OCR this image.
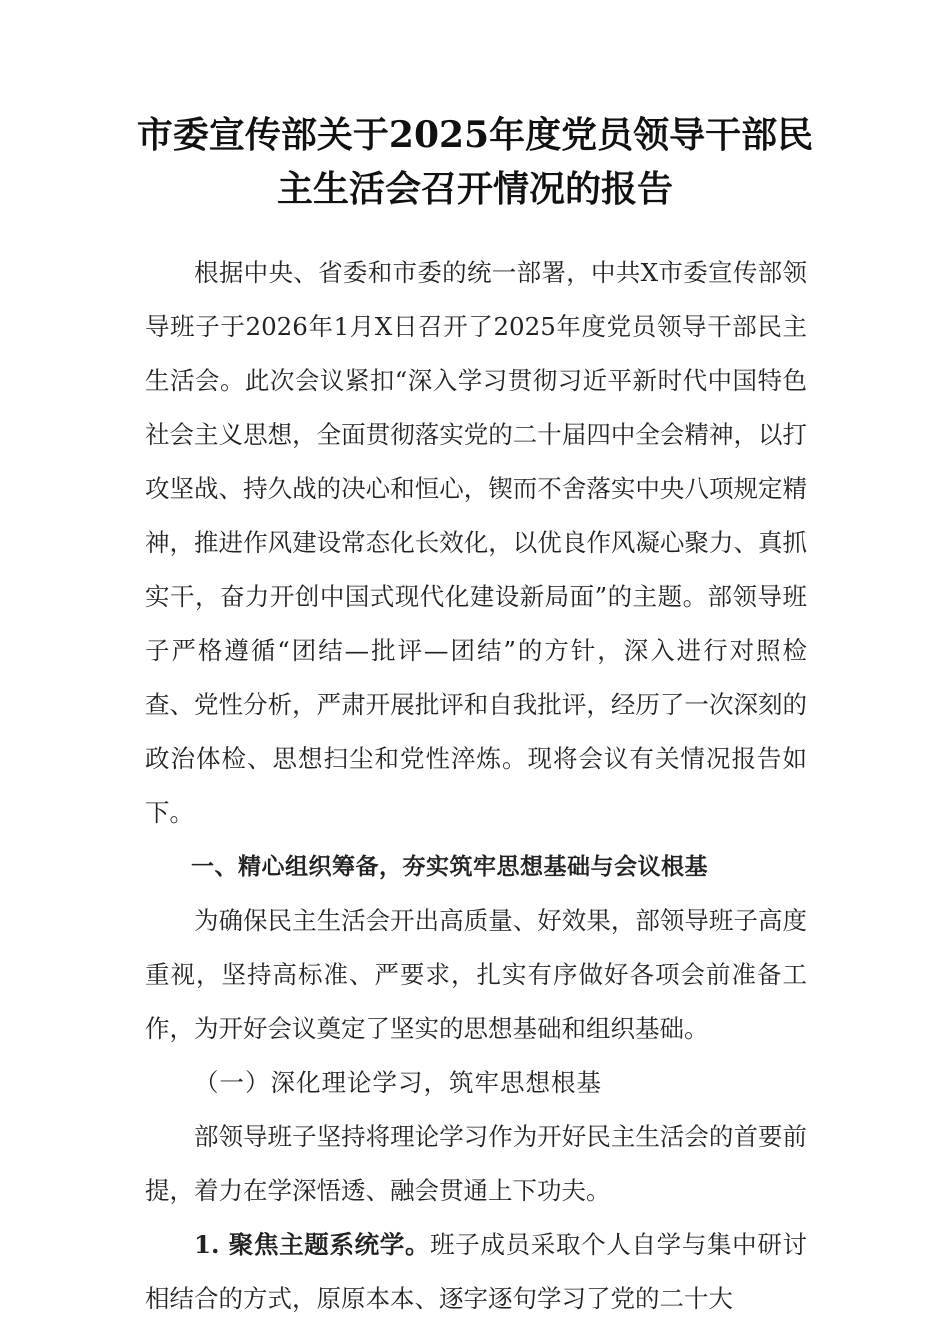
市委宣传部关于2025年度党员领导干部民
主生活会召开情况的报告

根据中央、省委和市委的统一部署，中共X市委宣传部领导班子于2026年1月X日召开了2025年度党员领导干部民主生活会。此次会议紧扣“深入学习贯彻习近平新时代中国特色社会主义思想，全面贯彻落实党的二十届四中全会精神，以打攻坚战、持久战的决心和恒心，锲而不舍落实中央八项规定精神，推进作风建设常态化长效化，以优良作风凝心聚力、真抓实干，奋力开创中国式现代化建设新局面”的主题。部领导班子严格遵循“团结—批评—团结”的方针，深入进行对照检查、党性分析，严肃开展批评和自我批评，经历了一次深刻的政治体检、思想扫尘和党性淬炼。现将会议有关情况报告如下。

一、精心组织筹备，夯实筑牢思想基础与会议根基

为确保民主生活会开出高质量、好效果，部领导班子高度重视，坚持高标准、严要求，扎实有序做好各项会前准备工作，为开好会议奠定了坚实的思想基础和组织基础。

（一）深化理论学习，筑牢思想根基

部领导班子坚持将理论学习作为开好民主生活会的首要前提，着力在学深悟透、融会贯通上下功夫。

1. 聚焦主题系统学。班子成员采取个人自学与集中研讨相结合的方式，原原本本、逐字逐句学习了党的二十大
